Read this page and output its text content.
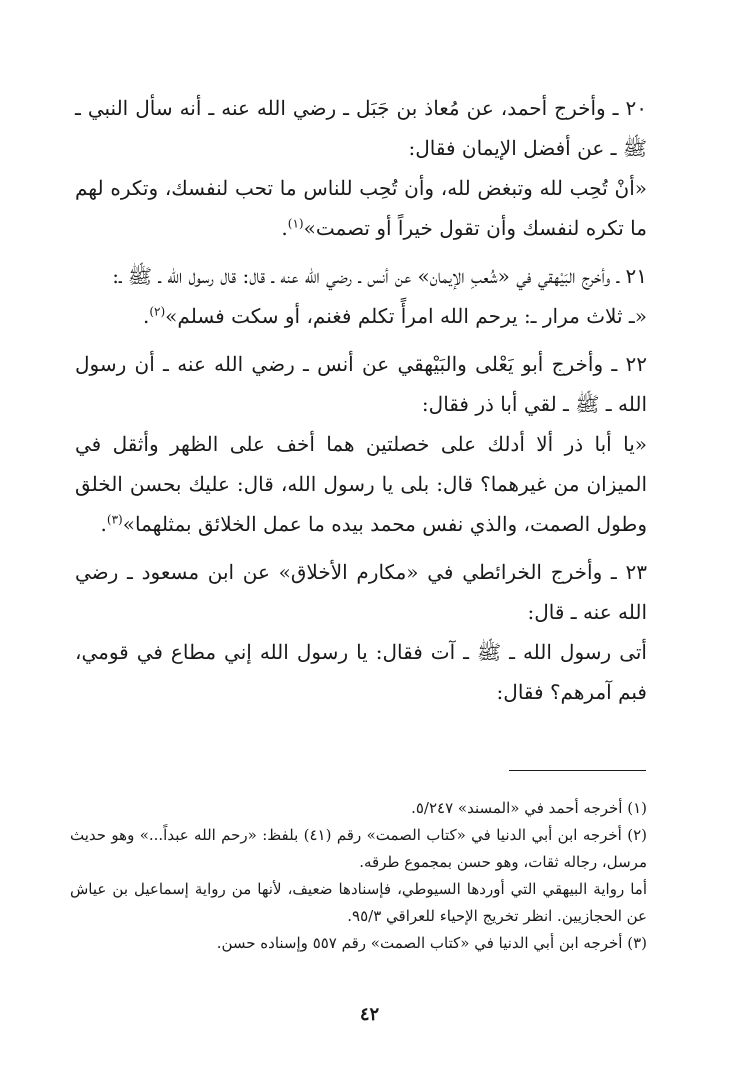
٢٠ ـ وأخرج أحمد، عن مُعاذ بن جَبَل ـ رضي الله عنه ـ أنه سأل النبي ـ ﷺ ـ عن أفضل الإيمان فقال:

«أنْ تُحِب لله وتبغض لله، وأن تُحِب للناس ما تحب لنفسك، وتكره لهم ما تكره لنفسك وأن تقول خيراً أو تصمت»$^{(١)}$.

٢١ ـ وأخرج البَيْهقي في «شُعبِ الإيمان» عن أنس ـ رضي الله عنه ـ قال: قال رسول الله ـ ﷺ ـ:

«ـ ثلاث مرار ـ: يرحم الله امرأً تكلم فغنم، أو سكت فسلم»$^{(٢)}$.

٢٢ ـ وأخرج أبو يَعْلى والبَيْهقي عن أنس ـ رضي الله عنه ـ أن رسول الله ـ ﷺ ـ لقي أبا ذر فقال:

«يا أبا ذر ألا أدلك على خصلتين هما أخف على الظهر وأثقل في الميزان من غيرهما؟ قال: بلى يا رسول الله، قال: عليك بحسن الخلق وطول الصمت، والذي نفس محمد بيده ما عمل الخلائق بمثلهما»$^{(٣)}$.

٢٣ ـ وأخرج الخرائطي في «مكارم الأخلاق» عن ابن مسعود ـ رضي الله عنه ـ قال:

أتى رسول الله ـ ﷺ ـ آت فقال: يا رسول الله إني مطاع في قومي، فبم آمرهم؟ فقال:

(١) أخرجه أحمد في «المسند» ٥/٢٤٧.

(٢) أخرجه ابن أبي الدنيا في «كتاب الصمت» رقم (٤١) بلفظ: «رحم الله عبداً...» وهو حديث مرسل، رجاله ثقات، وهو حسن بمجموع طرقه.

أما رواية البيهقي التي أوردها السيوطي، فإسنادها ضعيف، لأنها من رواية إسماعيل بن عياش عن الحجازيين. انظر تخريج الإحياء للعراقي ٩٥/٣.

(٣) أخرجه ابن أبي الدنيا في «كتاب الصمت» رقم ٥٥٧ وإسناده حسن.

٤٢
